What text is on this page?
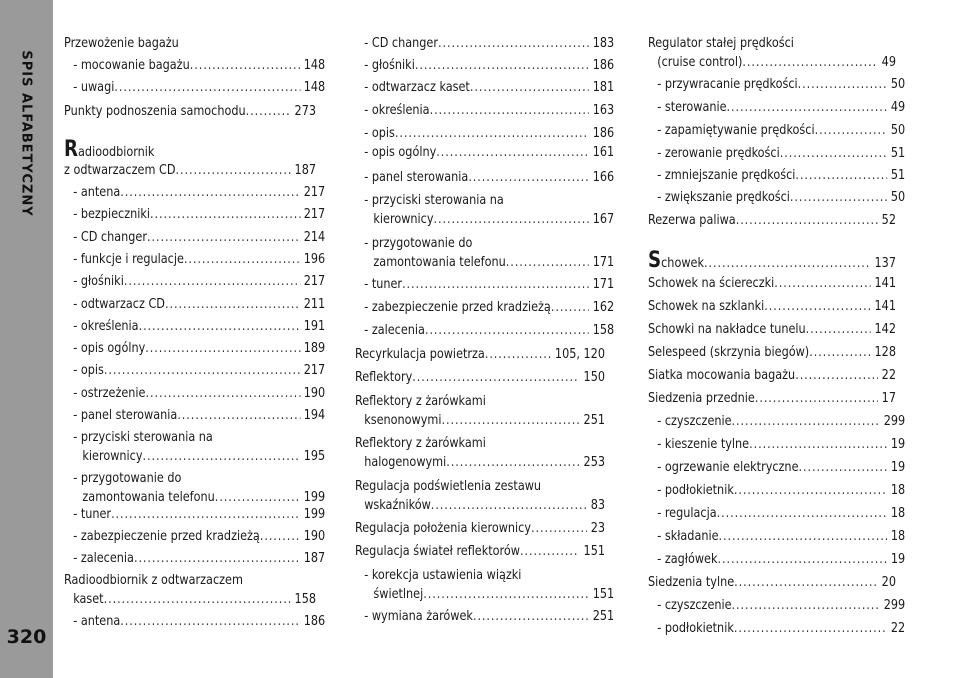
SPIS ALFABETYCZNY
320
Przewożenie bagażu
- mocowanie bagażu .....	148
- uwagi .....	148
Punkty podnoszenia samochodu .....	273
Radioodbiornik
z odtwarzaczem CD .....	187
- antena .....	217
- bezpieczniki .....	217
- CD changer .....	214
- funkcje i regulacje .....	196
- głośniki .....	217
- odtwarzacz CD .....	211
- określenia .....	191
- opis ogólny .....	189
- opis .....	217
- ostrzeżenie .....	190
- panel sterowania .....	194
- przyciski sterowania na
kierownicy .....	195
- przygotowanie do
zamontowania telefonu .....	199
- tuner .....	199
- zabezpieczenie przed kradzieżą .....	190
- zalecenia .....	187
Radioodbiornik z odtwarzaczem
kaset .....	158
- antena .....	186
- CD changer .....	183
- głośniki .....	186
- odtwarzacz kaset .....	181
- określenia .....	163
- opis .....	186
- opis ogólny .....	161
- panel sterowania .....	166
- przyciski sterowania na
kierownicy .....	167
- przygotowanie do
zamontowania telefonu .....	171
- tuner .....	171
- zabezpieczenie przed kradzieżą .....	162
- zalecenia .....	158
Recyrkulacja powietrza .....	105, 120
Reflektory .....	150
Reflektory z żarówkami
ksenonowymi .....	251
Reflektory z żarówkami
halogenowymi .....	253
Regulacja podświetlenia zestawu
wskaźników .....	83
Regulacja położenia kierownicy .....	23
Regulacja świateł reflektorów .....	151
- korekcja ustawienia wiązki
świetlnej .....	151
- wymiana żarówek .....	251
Regulator stałej prędkości
(cruise control) .....	49
- przywracanie prędkości .....	50
- sterowanie .....	49
- zapamiętywanie prędkości .....	50
- zerowanie prędkości .....	51
- zmniejszanie prędkości .....	51
- zwiększanie prędkości .....	50
Rezerwa paliwa .....	52
Schowek .....	137
Schowek na ściereczki .....	141
Schowek na szklanki .....	141
Schowki na nakładce tunelu .....	142
Selespeed (skrzynia biegów) .....	128
Siatka mocowania bagażu .....	22
Siedzenia przednie .....	17
- czyszczenie .....	299
- kieszenie tylne .....	19
- ogrzewanie elektryczne .....	19
- podłokietnik .....	18
- regulacja .....	18
- składanie .....	18
- zagłówek .....	19
Siedzenia tylne .....	20
- czyszczenie .....	299
- podłokietnik .....	22
